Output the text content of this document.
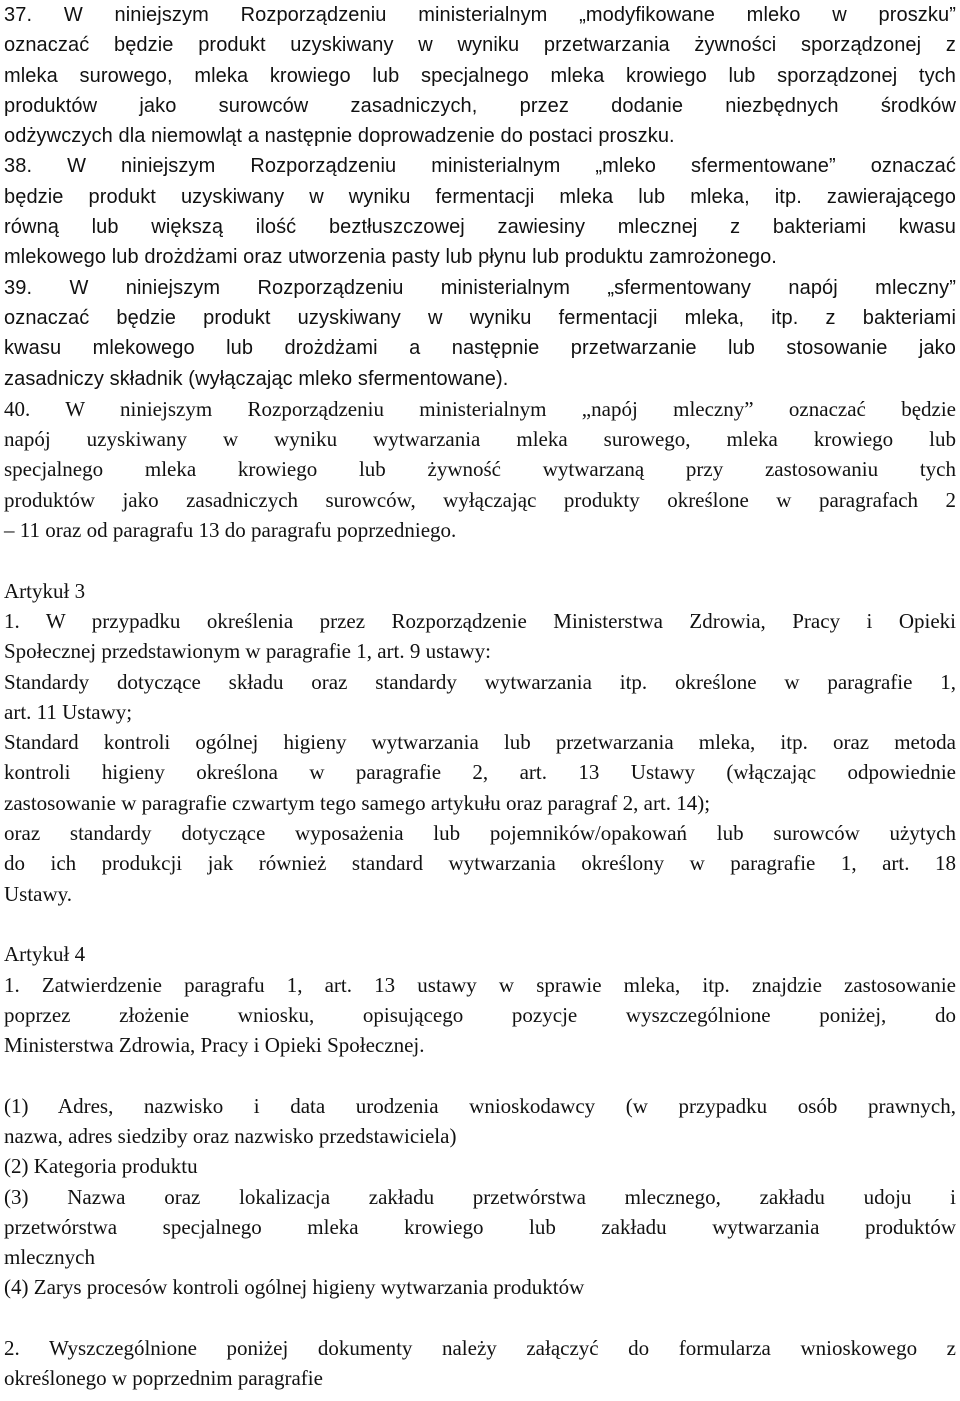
37. W niniejszym Rozporządzeniu ministerialnym „modyfikowane mleko w proszku”
oznaczać będzie produkt uzyskiwany w wyniku przetwarzania żywności sporządzonej z
mleka surowego, mleka krowiego lub specjalnego mleka krowiego lub sporządzonej tych
produktów jako surowców zasadniczych, przez dodanie niezbędnych środków
odżywczych dla niemowląt a następnie doprowadzenie do postaci proszku.
38. W niniejszym Rozporządzeniu ministerialnym „mleko sfermentowane” oznaczać
będzie produkt uzyskiwany w wyniku fermentacji mleka lub mleka, itp. zawierającego
równą lub większą ilość beztłuszczowej zawiesiny mlecznej z bakteriami kwasu
mlekowego lub drożdżami oraz utworzenia pasty lub płynu lub produktu zamrożonego.
39. W niniejszym Rozporządzeniu ministerialnym „sfermentowany napój mleczny”
oznaczać będzie produkt uzyskiwany w wyniku fermentacji mleka, itp. z bakteriami
kwasu mlekowego lub drożdżami a następnie przetwarzanie lub stosowanie jako
zasadniczy składnik (wyłączając mleko sfermentowane).
40. W niniejszym Rozporządzeniu ministerialnym „napój mleczny” oznaczać będzie
napój uzyskiwany w wyniku wytwarzania mleka surowego, mleka krowiego lub
specjalnego mleka krowiego lub żywność wytwarzaną przy zastosowaniu tych
produktów jako zasadniczych surowców, wyłączając produkty określone w paragrafach 2
– 11 oraz od paragrafu 13 do paragrafu poprzedniego.
Artykuł 3
1. W przypadku określenia przez Rozporządzenie Ministerstwa Zdrowia, Pracy i Opieki
Społecznej przedstawionym w paragrafie 1, art. 9 ustawy:
Standardy dotyczące składu oraz standardy wytwarzania itp. określone w paragrafie 1,
art. 11 Ustawy;
Standard kontroli ogólnej higieny wytwarzania lub przetwarzania mleka, itp. oraz metoda
kontroli higieny określona w paragrafie 2, art. 13 Ustawy (włączając odpowiednie
zastosowanie w paragrafie czwartym tego samego artykułu oraz paragraf 2, art. 14);
oraz standardy dotyczące wyposażenia lub pojemników/opakowań lub surowców użytych
do ich produkcji jak również standard wytwarzania określony w paragrafie 1, art. 18
Ustawy.
Artykuł 4
1. Zatwierdzenie paragrafu 1, art. 13 ustawy w sprawie mleka, itp. znajdzie zastosowanie
poprzez złożenie wniosku, opisującego pozycje wyszczególnione poniżej, do
Ministerstwa Zdrowia, Pracy i Opieki Społecznej.
(1) Adres, nazwisko i data urodzenia wnioskodawcy (w przypadku osób prawnych,
nazwa, adres siedziby oraz nazwisko przedstawiciela)
(2) Kategoria produktu
(3) Nazwa oraz lokalizacja zakładu przetwórstwa mlecznego, zakładu udoju i
przetwórstwa specjalnego mleka krowiego lub zakładu wytwarzania produktów
mlecznych
(4) Zarys procesów kontroli ogólnej higieny wytwarzania produktów
2. Wyszczególnione poniżej dokumenty należy załączyć do formularza wnioskowego z
określonego w poprzednim paragrafie
